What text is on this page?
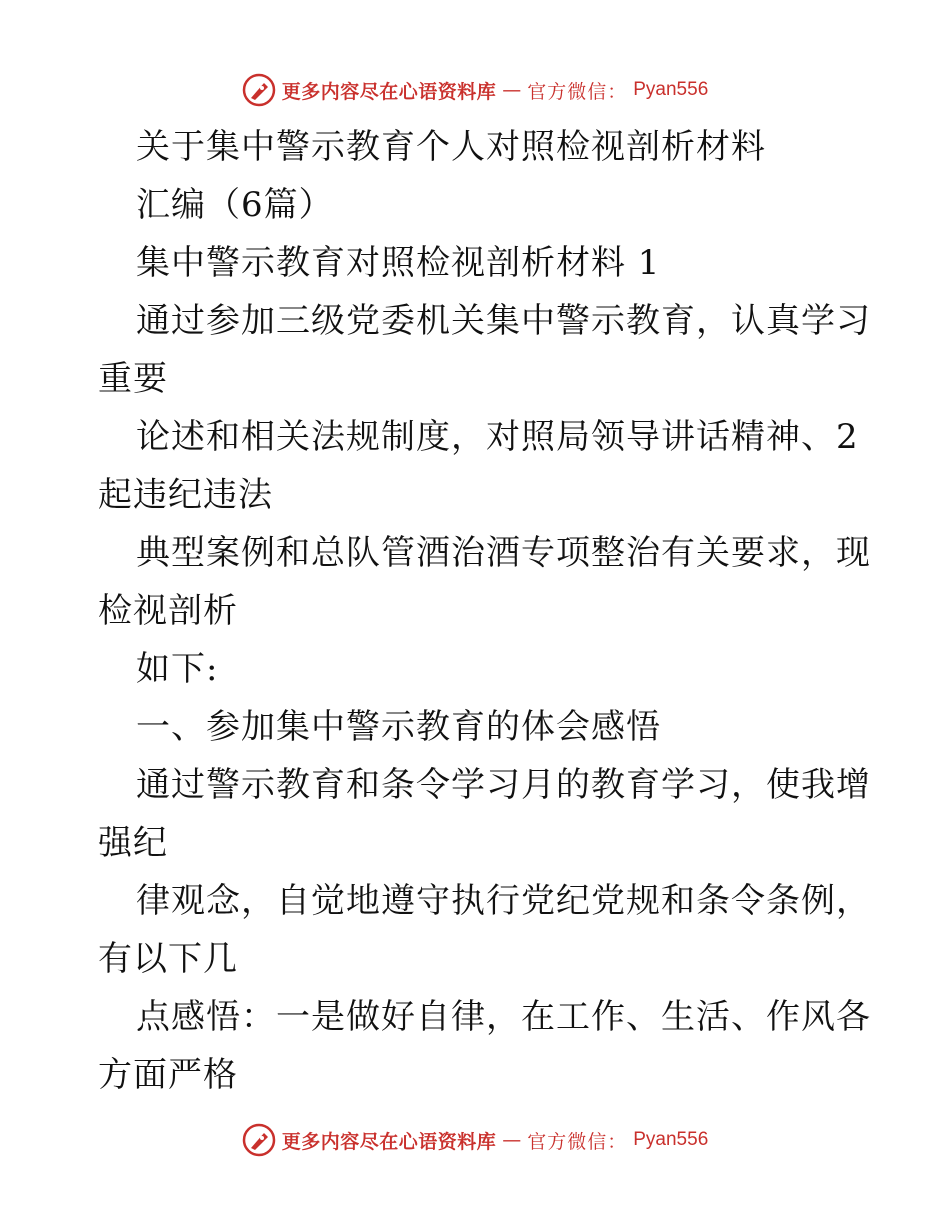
更多内容尽在心语资料库 — 官方微信： Pyan556
关于集中警示教育个人对照检视剖析材料
汇编（6篇）
集中警示教育对照检视剖析材料 1
通过参加三级党委机关集中警示教育，认真学习
重要
论述和相关法规制度，对照局领导讲话精神、2
起违纪违法
典型案例和总队管酒治酒专项整治有关要求，现
检视剖析
如下:
一、参加集中警示教育的体会感悟
通过警示教育和条令学习月的教育学习，使我增
强纪
律观念，自觉地遵守执行党纪党规和条令条例，
有以下几
点感悟：一是做好自律，在工作、生活、作风各
方面严格
更多内容尽在心语资料库 — 官方微信： Pyan556
